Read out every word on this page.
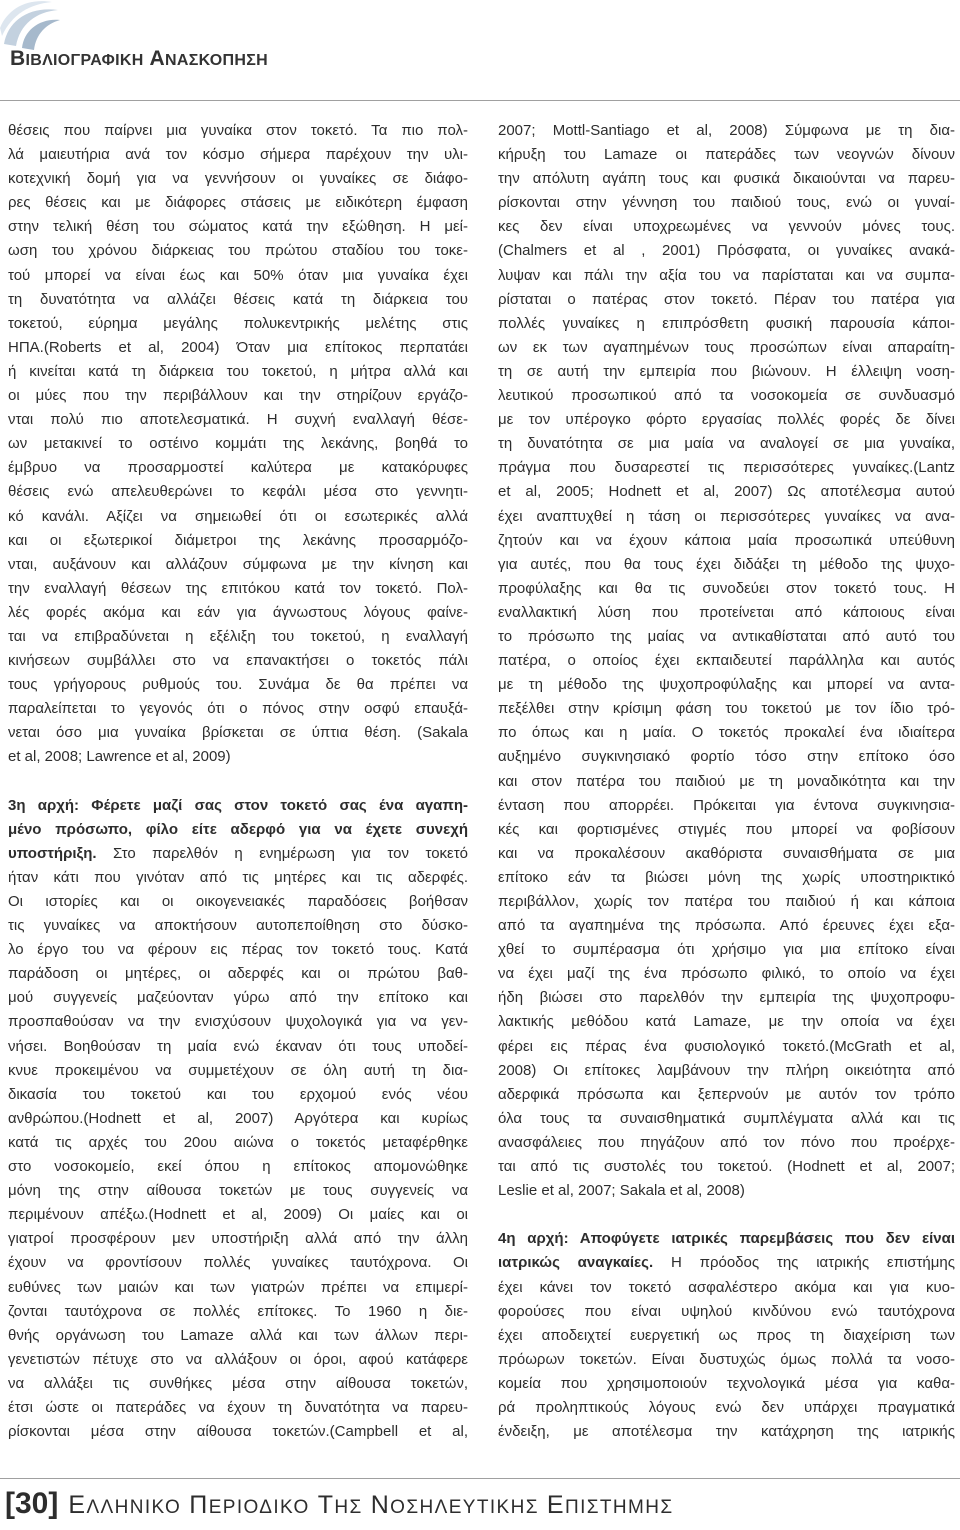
ΒΙΒΛΙΟΓΡΑΦΙΚΗ ΑΝΑΣΚΟΠΗΣΗ
θέσεις που παίρνει μια γυναίκα στον τοκετό. Τα πιο πολ-
λά μαιευτήρια ανά τον κόσμο σήμερα παρέχουν την υλι-
κοτεχνική δομή για να γεννήσουν οι γυναίκες σε διάφο-
ρες θέσεις και με διάφορες στάσεις με ειδικότερη έμφαση
στην τελική θέση του σώματος κατά την εξώθηση. Η μεί-
ωση του χρόνου διάρκειας του πρώτου σταδίου του τοκε-
τού μπορεί να είναι έως και 50% όταν μια γυναίκα έχει
τη δυνατότητα να αλλάζει θέσεις κατά τη διάρκεια του
τοκετού, εύρημα μεγάλης πολυκεντρικής μελέτης στις
ΗΠΑ.(Roberts et al, 2004) Όταν μια επίτοκος περπατάει
ή κινείται κατά τη διάρκεια του τοκετού, η μήτρα αλλά και
οι μύες που την περιβάλλουν και την στηρίζουν εργάζο-
νται πολύ πιο αποτελεσματικά. Η συχνή εναλλαγή θέσε-
ων μετακινεί το οστέινο κομμάτι της λεκάνης, βοηθά το
έμβρυο να προσαρμοστεί καλύτερα με κατακόρυφες
θέσεις ενώ απελευθερώνει το κεφάλι μέσα στο γεννητι-
κό κανάλι. Αξίζει να σημειωθεί ότι οι εσωτερικές αλλά
και οι εξωτερικοί διάμετροι της λεκάνης προσαρμόζο-
νται, αυξάνουν και αλλάζουν σύμφωνα με την κίνηση και
την εναλλαγή θέσεων της επιτόκου κατά τον τοκετό. Πολ-
λές φορές ακόμα και εάν για άγνωστους λόγους φαίνε-
ται να επιβραδύνεται η εξέλιξη του τοκετού, η εναλλαγή
κινήσεων συμβάλλει στο να επανακτήσει ο τοκετός πάλι
τους γρήγορους ρυθμούς του. Συνάμα δε θα πρέπει να
παραλείπεται το γεγονός ότι ο πόνος στην οσφύ επαυξά-
νεται όσο μια γυναίκα βρίσκεται σε ύπτια θέση. (Sakala
et al, 2008; Lawrence et al, 2009)
3η αρχή: Φέρετε μαζί σας στον τοκετό σας ένα αγαπη-
μένο πρόσωπο, φίλο είτε αδερφό για να έχετε συνεχή
υποστήριξη. Στο παρελθόν η ενημέρωση για τον τοκετό
ήταν κάτι που γινόταν από τις μητέρες και τις αδερφές.
Οι ιστορίες και οι οικογενειακές παραδόσεις βοήθσαν
τις γυναίκες να αποκτήσουν αυτοπεποίθηση στο δύσκο-
λο έργο του να φέρουν εις πέρας τον τοκετό τους. Κατά
παράδοση οι μητέρες, οι αδερφές και οι πρώτου βαθ-
μού συγγενείς μαζεύονταν γύρω από την επίτοκο και
προσπαθούσαν να την ενισχύσουν ψυχολογικά για να γεν-
νήσει. Βοηθούσαν τη μαία ενώ έκαναν ότι τους υποδεί-
κνυε προκειμένου να συμμετέχουν σε όλη αυτή τη δια-
δικασία του τοκετού και του ερχομού ενός νέου
ανθρώπου.(Hodnett et al, 2007) Αργότερα και κυρίως
κατά τις αρχές του 20ου αιώνα ο τοκετός μεταφέρθηκε
στο νοσοκομείο, εκεί όπου η επίτοκος απομονώθηκε
μόνη της στην αίθουσα τοκετών με τους συγγενείς να
περιμένουν απέξω.(Hodnett et al, 2009) Οι μαίες και οι
γιατροί προσφέρουν μεν υποστήριξη αλλά από την άλλη
έχουν να φροντίσουν πολλές γυναίκες ταυτόχρονα. Οι
ευθύνες των μαιών και των γιατρών πρέπει να επιμερί-
ζονται ταυτόχρονα σε πολλές επίτοκες. Το 1960 η διε-
θνής οργάνωση του Lamaze αλλά και των άλλων περι-
γενετιστών πέτυχε στο να αλλάξουν οι όροι, αφού κατάφερε
να αλλάξει τις συνθήκες μέσα στην αίθουσα τοκετών,
έτσι ώστε οι πατεράδες να έχουν τη δυνατότητα να παρευ-
ρίσκονται μέσα στην αίθουσα τοκετών.(Campbell et al,
2007; Mottl-Santiago et al, 2008) Σύμφωνα με τη δια-
κήρυξη του Lamaze οι πατεράδες των νεογνών δίνουν
την απόλυτη αγάπη τους και φυσικά δικαιούνται να παρευ-
ρίσκονται στην γέννηση του παιδιού τους, ενώ οι γυναί-
κες δεν είναι υποχρεωμένες να γεννούν μόνες τους.
(Chalmers et al , 2001) Πρόσφατα, οι γυναίκες ανακά-
λυψαν και πάλι την αξία του να παρίσταται και να συμπα-
ρίσταται ο πατέρας στον τοκετό. Πέραν του πατέρα για
πολλές γυναίκες η επιπρόσθετη φυσική παρουσία κάποι-
ων εκ των αγαπημένων τους προσώπων είναι απαραίτη-
τη σε αυτή την εμπειρία που βιώνουν. Η έλλειψη νοση-
λευτικού προσωπικού από τα νοσοκομεία σε συνδυασμό
με τον υπέρογκο φόρτο εργασίας πολλές φορές δε δίνει
τη δυνατότητα σε μια μαία να αναλογεί σε μια γυναίκα,
πράγμα που δυσαρεστεί τις περισσότερες γυναίκες.(Lantz
et al, 2005; Hodnett et al, 2007) Ως αποτέλεσμα αυτού
έχει αναπτυχθεί η τάση οι περισσότερες γυναίκες να ανα-
ζητούν και να έχουν κάποια μαία προσωπικά υπεύθυνη
για αυτές, που θα τους έχει διδάξει τη μέθοδο της ψυχο-
προφύλαξης και θα τις συνοδεύει στον τοκετό τους. Η
εναλλακτική λύση που προτείνεται από κάποιους είναι
το πρόσωπο της μαίας να αντικαθίσταται από αυτό του
πατέρα, ο οποίος έχει εκπαιδευτεί παράλληλα και αυτός
με τη μέθοδο της ψυχοπροφύλαξης και μπορεί να αντα-
πεξέλθει στην κρίσιμη φάση του τοκετού με τον ίδιο τρό-
πο όπως και η μαία. Ο τοκετός προκαλεί ένα ιδιαίτερα
αυξημένο συγκινησιακό φορτίο τόσο στην επίτοκο όσο
και στον πατέρα του παιδιού με τη μοναδικότητα και την
ένταση που απορρέει. Πρόκειται για έντονα συγκινησια-
κές και φορτισμένες στιγμές που μπορεί να φοβίσουν
και να προκαλέσουν ακαθόριστα συναισθήματα σε μια
επίτοκο εάν τα βιώσει μόνη της χωρίς υποστηρικτικό
περιβάλλον, χωρίς τον πατέρα του παιδιού ή και κάποια
από τα αγαπημένα της πρόσωπα. Από έρευνες έχει εξα-
χθεί το συμπέρασμα ότι χρήσιμο για μια επίτοκο είναι
να έχει μαζί της ένα πρόσωπο φιλικό, το οποίο να έχει
ήδη βιώσει στο παρελθόν την εμπειρία της ψυχοπροφυ-
λακτικής μεθόδου κατά Lamaze, με την οποία να έχει
φέρει εις πέρας ένα φυσιολογικό τοκετό.(McGrath et al,
2008) Οι επίτοκες λαμβάνουν την πλήρη οικειότητα από
αδερφικά πρόσωπα και ξεπερνούν με αυτόν τον τρόπο
όλα τους τα συναισθηματικά συμπλέγματα αλλά και τις
ανασφάλειες που πηγάζουν από τον πόνο που προέρχε-
ται από τις συστολές του τοκετού. (Hodnett et al, 2007;
Leslie et al, 2007; Sakala et al, 2008)
4η αρχή: Αποφύγετε ιατρικές παρεμβάσεις που δεν είναι
ιατρικώς αναγκαίες. Η πρόοδος της ιατρικής επιστήμης
έχει κάνει τον τοκετό ασφαλέστερο ακόμα και για κυο-
φορούσες που είναι υψηλού κινδύνου ενώ ταυτόχρονα
έχει αποδειχτεί ευεργετική ως προς τη διαχείριση των
πρόωρων τοκετών. Είναι δυστυχώς όμως πολλά τα νοσο-
κομεία που χρησιμοποιούν τεχνολογικά μέσα για καθα-
ρά προληπτικούς λόγους ενώ δεν υπάρχει πραγματικά
ένδειξη, με αποτέλεσμα την κατάχρηση της ιατρικής
[30] ΕΛΛΗΝΙΚΟ ΠΕΡΙΟΔΙΚΟ ΤΗΣ ΝΟΣΗΛΕΥΤΙΚΗΣ ΕΠΙΣΤΗΜΗΣ
